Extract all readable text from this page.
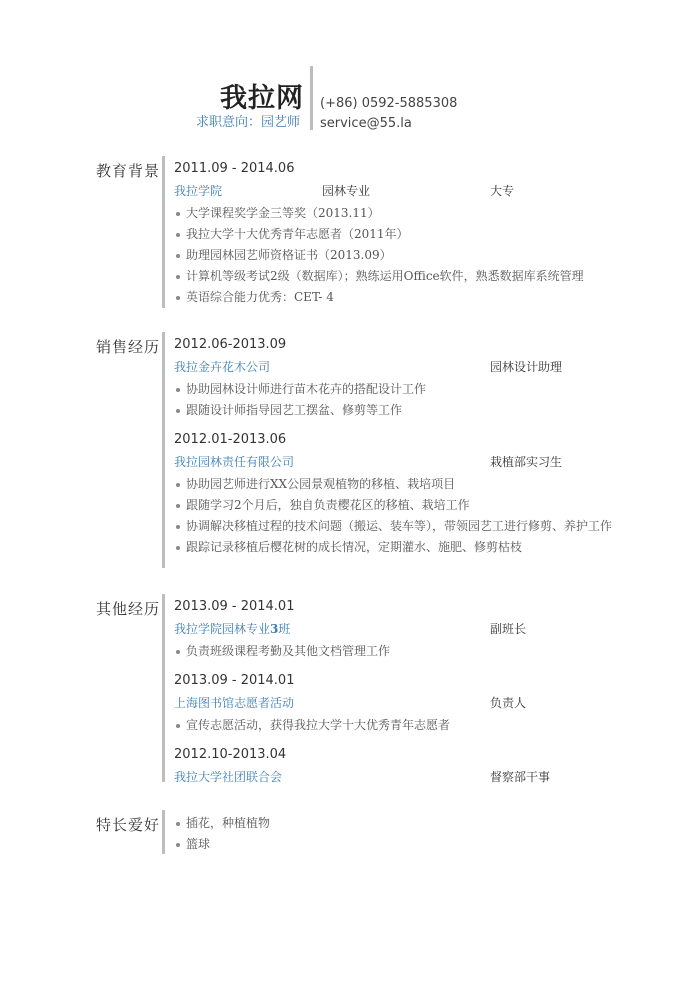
我拉网
求职意向：园艺师
(+86) 0592-5885308
service@55.la
教育背景 2011.09 - 2014.06
我拉学院	园林专业	大专
大学课程奖学金三等奖（2013.11）
我拉大学十大优秀青年志愿者（2011年）
助理园林园艺师资格证书（2013.09）
计算机等级考试2级（数据库）；熟练运用Office软件，熟悉数据库系统管理
英语综合能力优秀：CET- 4
销售经历 2012.06-2013.09
我拉金卉花木公司	园林设计助理
协助园林设计师进行苗木花卉的搭配设计工作
跟随设计师指导园艺工摆盆、修剪等工作
2012.01-2013.06
我拉园林责任有限公司	栽植部实习生
协助园艺师进行XX公园景观植物的移植、栽培项目
跟随学习2个月后，独自负责樱花区的移植、栽培工作
协调解决移植过程的技术问题（搬运、装车等），带领园艺工进行修剪、养护工作
跟踪记录移植后樱花树的成长情况，定期灌水、施肥、修剪枯枝
其他经历 2013.09 - 2014.01
我拉学院园林专业3班	副班长
负责班级课程考勤及其他文档管理工作
2013.09 - 2014.01
上海图书馆志愿者活动	负责人
宣传志愿活动，获得我拉大学十大优秀青年志愿者
2012.10-2013.04
我拉大学社团联合会	督察部干事
特长爱好	插花，种植植物
篮球
